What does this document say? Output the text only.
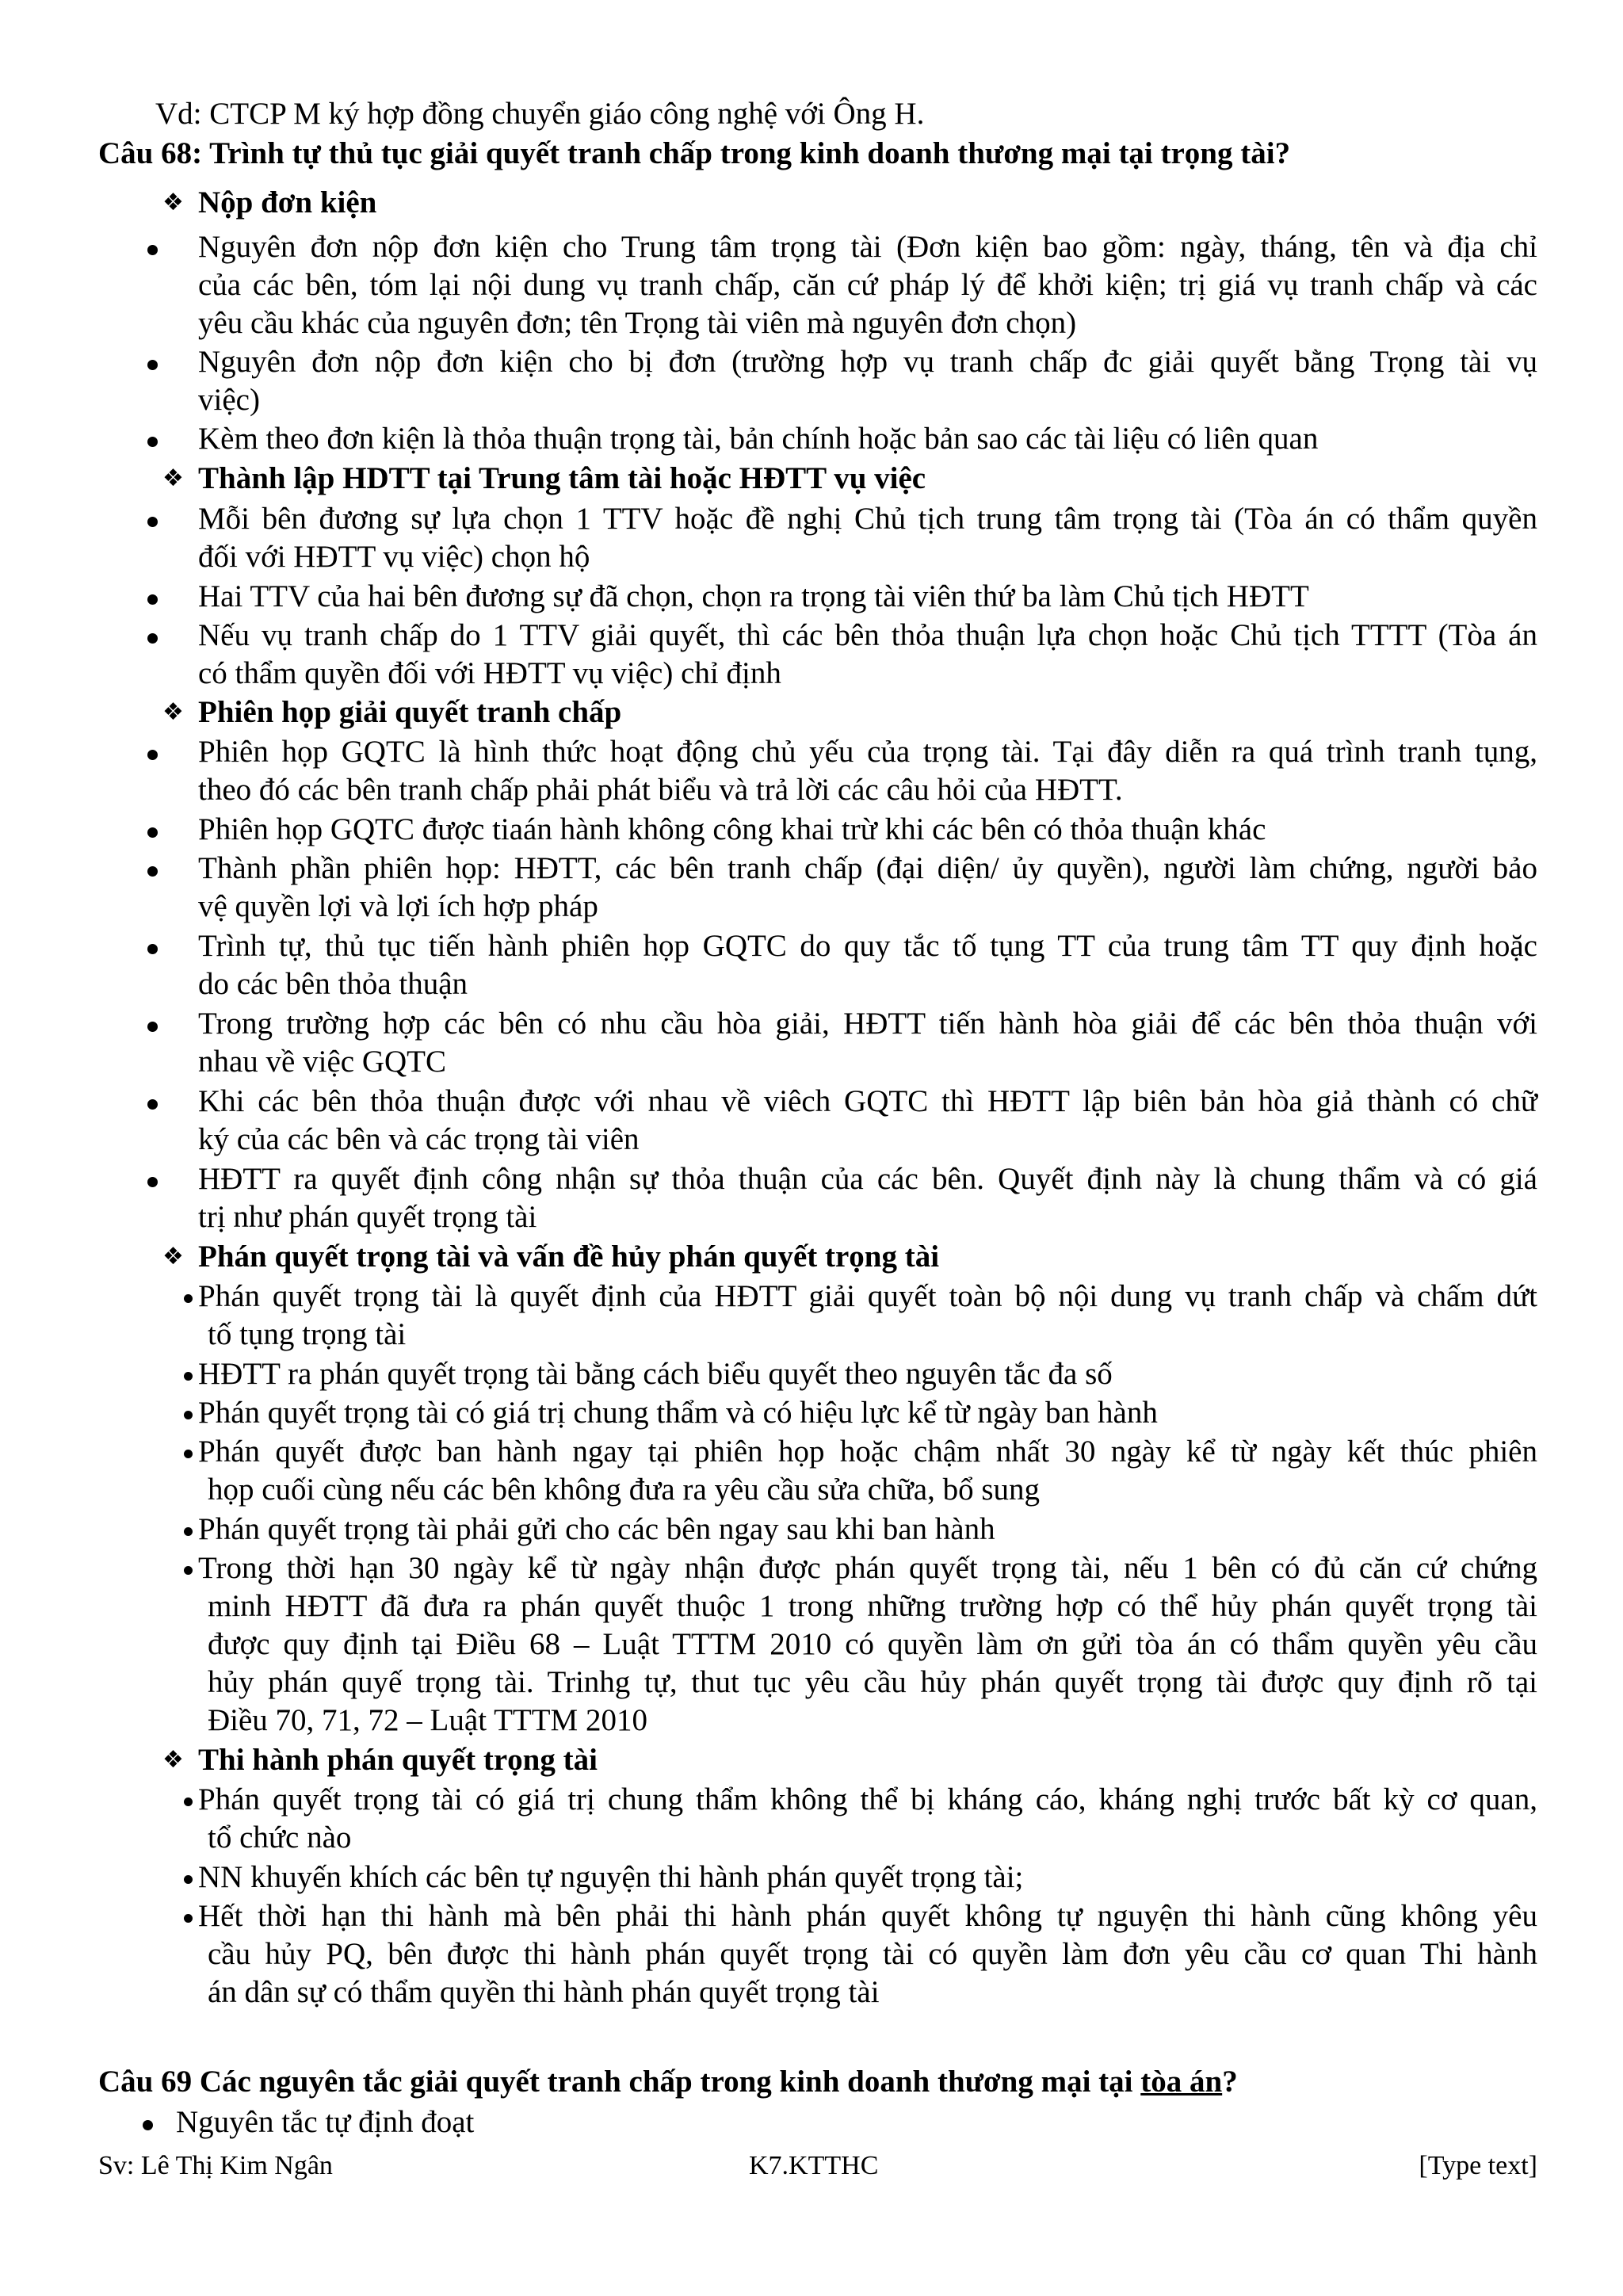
Vd: CTCP M ký hợp đồng chuyển giáo công nghệ với Ông H.
Câu 68: Trình tự thủ tục giải quyết tranh chấp trong kinh doanh thương mại tại trọng tài?
❖ Nộp đơn kiện
Nguyên đơn nộp đơn kiện cho Trung tâm trọng tài (Đơn kiện bao gồm: ngày, tháng, tên và địa chỉ
của các bên, tóm lại nội dung vụ tranh chấp, căn cứ pháp lý để khởi kiện; trị giá vụ tranh chấp và các
yêu cầu khác của nguyên đơn; tên Trọng tài viên mà nguyên đơn chọn)
Nguyên đơn nộp đơn kiện cho bị đơn (trường hợp vụ tranh chấp đc giải quyết bằng Trọng tài vụ
việc)
Kèm theo đơn kiện là thỏa thuận trọng tài, bản chính hoặc bản sao các tài liệu có liên quan
❖ Thành lập HDTT tại Trung tâm tài hoặc HĐTT vụ việc
Mỗi bên đương sự lựa chọn 1 TTV hoặc đề nghị Chủ tịch trung tâm trọng tài (Tòa án có thẩm quyền
đối với HĐTT vụ việc) chọn hộ
Hai TTV của hai bên đương sự đã chọn, chọn ra trọng tài viên thứ ba làm Chủ tịch HĐTT
Nếu vụ tranh chấp do 1 TTV giải quyết, thì các bên thỏa thuận lựa chọn hoặc Chủ tịch TTTT (Tòa án
có thẩm quyền đối với HĐTT vụ việc) chỉ định
❖ Phiên họp giải quyết tranh chấp
Phiên họp GQTC là hình thức hoạt động chủ yếu của trọng tài. Tại đây diễn ra quá trình tranh tụng,
theo đó các bên tranh chấp phải phát biểu và trả lời các câu hỏi của HĐTT.
Phiên họp GQTC được tiaán hành không công khai trừ khi các bên có thỏa thuận khác
Thành phần phiên họp: HĐTT, các bên tranh chấp (đại diện/ ủy quyền), người làm chứng, người bảo
vệ quyền lợi và lợi ích hợp pháp
Trình tự, thủ tục tiến hành phiên họp GQTC do quy tắc tố tụng TT của trung tâm TT quy định hoặc
do các bên thỏa thuận
Trong trường hợp các bên có nhu cầu hòa giải, HĐTT tiến hành hòa giải để các bên thỏa thuận với
nhau về việc GQTC
Khi các bên thỏa thuận được với nhau về viêch GQTC thì HĐTT lập biên bản hòa giả thành có chữ
ký của các bên và các trọng tài viên
HĐTT ra quyết định công nhận sự thỏa thuận của các bên. Quyết định này là chung thẩm và có giá
trị như phán quyết trọng tài
❖ Phán quyết trọng tài và vấn đề hủy phán quyết trọng tài
Phán quyết trọng tài là quyết định của HĐTT giải quyết toàn bộ nội dung vụ tranh chấp và chấm dứt
tố tụng trọng tài
HĐTT ra phán quyết trọng tài bằng cách biểu quyết theo nguyên tắc đa số
Phán quyết trọng tài có giá trị chung thẩm và có hiệu lực kể từ ngày ban hành
Phán quyết được ban hành ngay tại phiên họp hoặc chậm nhất 30 ngày kể từ ngày kết thúc phiên
họp cuối cùng nếu các bên không đưa ra yêu cầu sửa chữa, bổ sung
Phán quyết trọng tài phải gửi cho các bên ngay sau khi ban hành
Trong thời hạn 30 ngày kể từ ngày nhận được phán quyết trọng tài, nếu 1 bên có đủ căn cứ chứng
minh HĐTT đã đưa ra phán quyết thuộc 1 trong những trường hợp có thể hủy phán quyết trọng tài
được quy định tại Điều 68 – Luật TTTM 2010 có quyền làm ơn gửi tòa án có thẩm quyền yêu cầu
hủy phán quyế trọng tài. Trinhg tự, thut tục yêu cầu hủy phán quyết trọng tài được quy định rõ tại
Điều 70, 71, 72 – Luật TTTM 2010
❖ Thi hành phán quyết trọng tài
Phán quyết trọng tài có giá trị chung thẩm không thể bị kháng cáo, kháng nghị trước bất kỳ cơ quan,
tổ chức nào
NN khuyến khích các bên tự nguyện thi hành phán quyết trọng tài;
Hết thời hạn thi hành mà bên phải thi hành phán quyết không tự nguyện thi hành cũng không yêu
cầu hủy PQ, bên được thi hành phán quyết trọng tài có quyền làm đơn yêu cầu cơ quan Thi hành
án dân sự có thẩm quyền thi hành phán quyết trọng tài
Câu 69 Các nguyên tắc giải quyết tranh chấp trong kinh doanh thương mại tại tòa án?
Nguyên tắc tự định đoạt
Sv: Lê Thị Kim Ngân	K7.KTTHC	[Type text]
